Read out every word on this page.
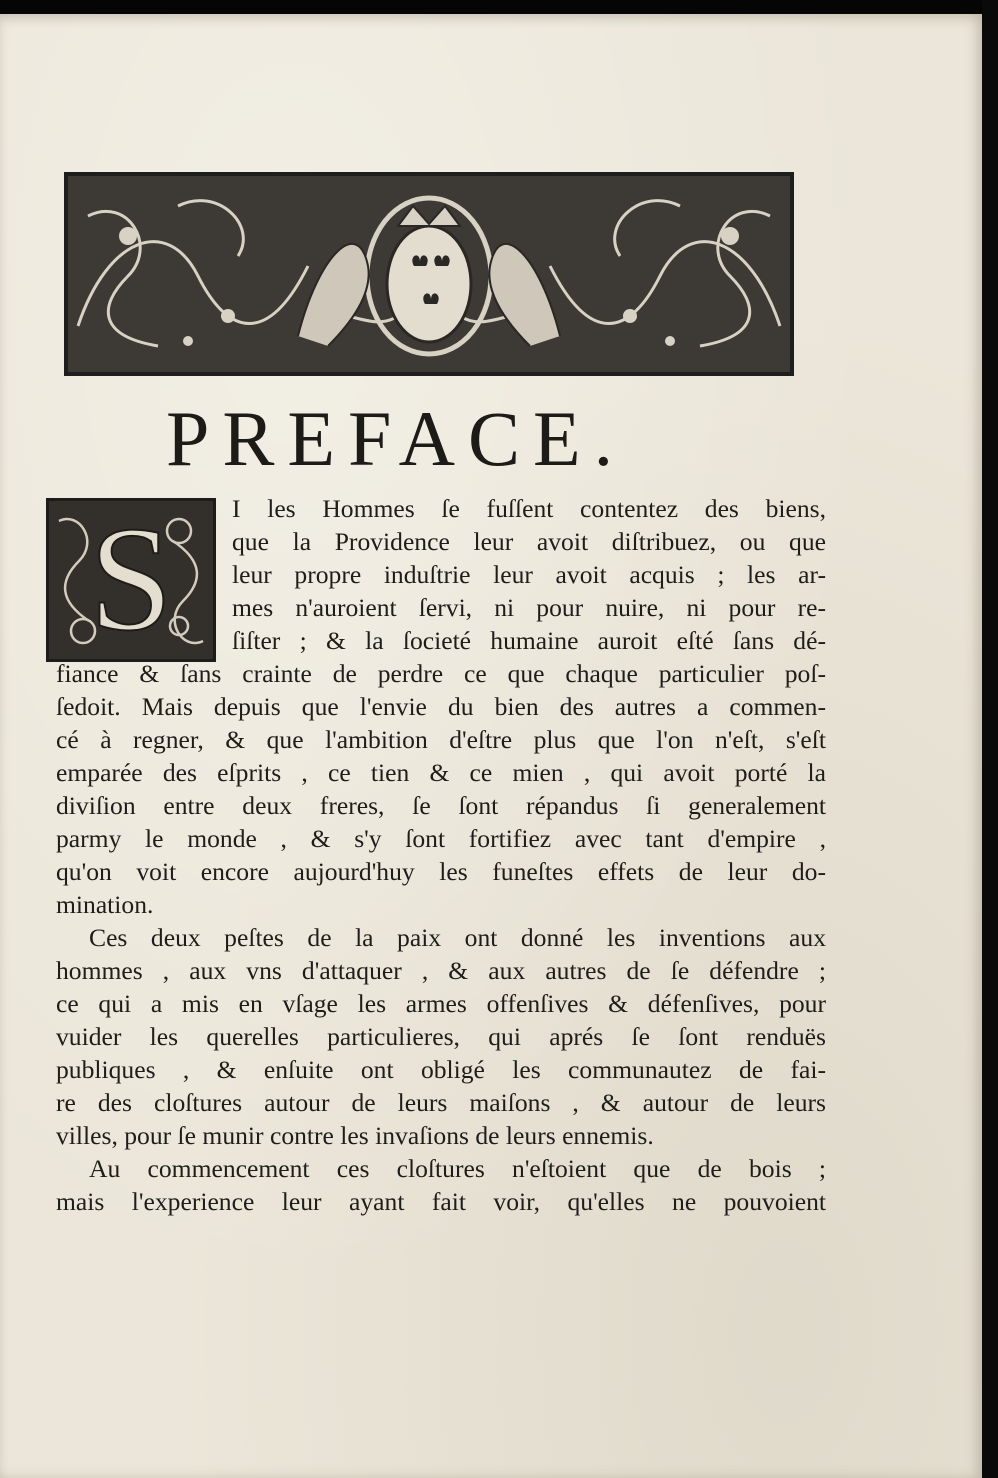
PREFACE.
S I les Hommes ſe fuſſent contentez des biens,
que la Providence leur avoit diſtribuez, ou que
leur propre induſtrie leur avoit acquis ; les ar-
mes n'auroient ſervi, ni pour nuire, ni pour re-
ſiſter ; & la ſocieté humaine auroit eſté ſans dé-
fiance & ſans crainte de perdre ce que chaque particulier poſ-
ſedoit. Mais depuis que l'envie du bien des autres a commen-
cé à regner, & que l'ambition d'eſtre plus que l'on n'eſt, s'eſt
emparée des eſprits , ce tien & ce mien , qui avoit porté la
diviſion entre deux freres, ſe ſont répandus ſi generalement
parmy le monde , & s'y ſont fortifiez avec tant d'empire ,
qu'on voit encore aujourd'huy les funeſtes effets de leur do-
mination.
Ces deux peſtes de la paix ont donné les inventions aux
hommes , aux vns d'attaquer , & aux autres de ſe défendre ;
ce qui a mis en vſage les armes offenſives & défenſives, pour
vuider les querelles particulieres, qui aprés ſe ſont renduës
publiques , & enſuite ont obligé les communautez de fai-
re des cloſtures autour de leurs maiſons , & autour de leurs
villes, pour ſe munir contre les invaſions de leurs ennemis.
Au commencement ces cloſtures n'eſtoient que de bois ;
mais l'experience leur ayant fait voir, qu'elles ne pouvoient
